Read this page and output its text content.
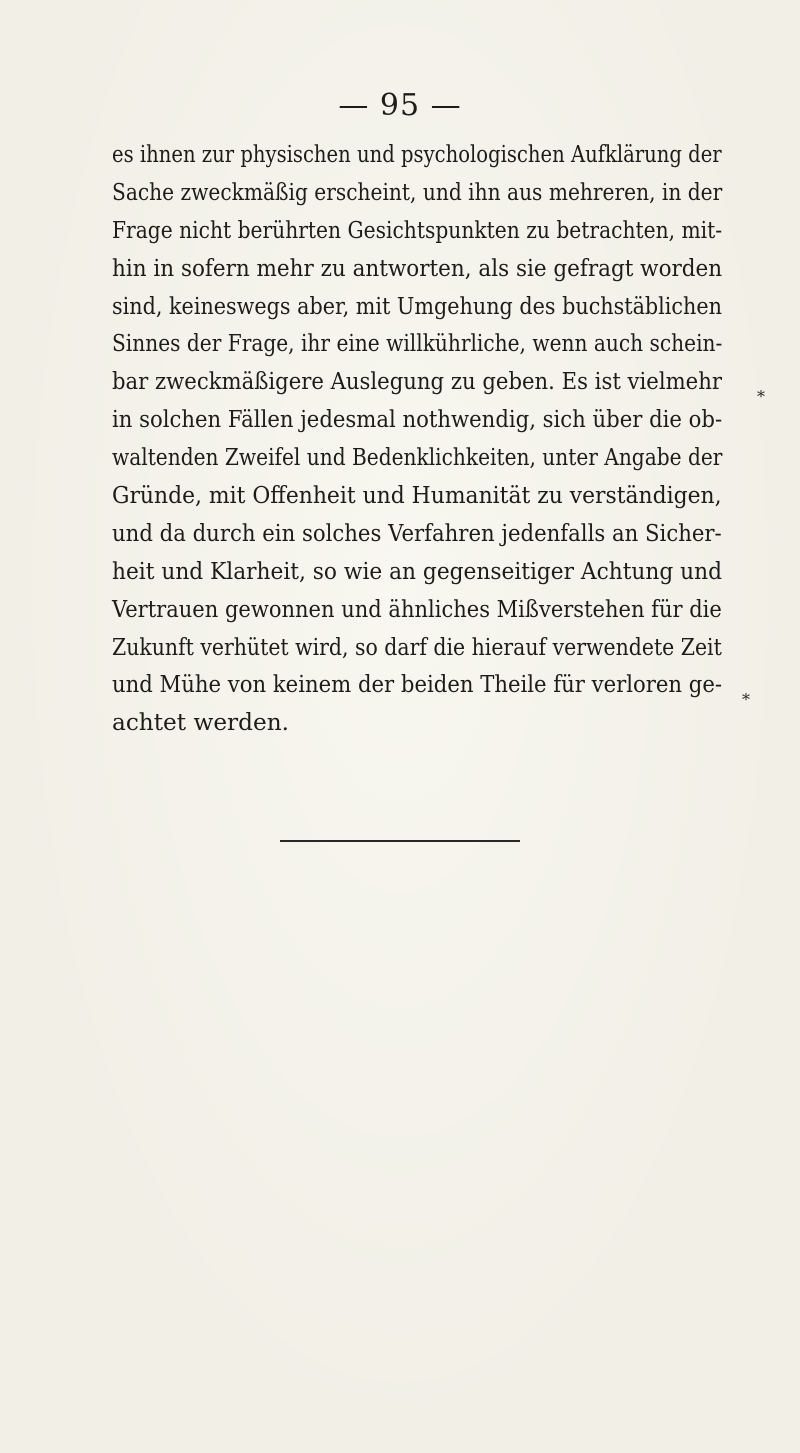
— 95 —
es ihnen zur physischen und psychologischen Aufklärung der
Sache zweckmäßig erscheint, und ihn aus mehreren, in der
Frage nicht berührten Gesichtspunkten zu betrachten, mit-
hin in sofern mehr zu antworten, als sie gefragt worden
sind, keineswegs aber, mit Umgehung des buchstäblichen
Sinnes der Frage, ihr eine willkührliche, wenn auch schein-
bar zweckmäßigere Auslegung zu geben. Es ist vielmehr
in solchen Fällen jedesmal nothwendig, sich über die ob-
waltenden Zweifel und Bedenklichkeiten, unter Angabe der
Gründe, mit Offenheit und Humanität zu verständigen,
und da durch ein solches Verfahren jedenfalls an Sicher-
heit und Klarheit, so wie an gegenseitiger Achtung und
Vertrauen gewonnen und ähnliches Mißverstehen für die
Zukunft verhütet wird, so darf die hierauf verwendete Zeit
und Mühe von keinem der beiden Theile für verloren ge-
achtet werden.
*
*
